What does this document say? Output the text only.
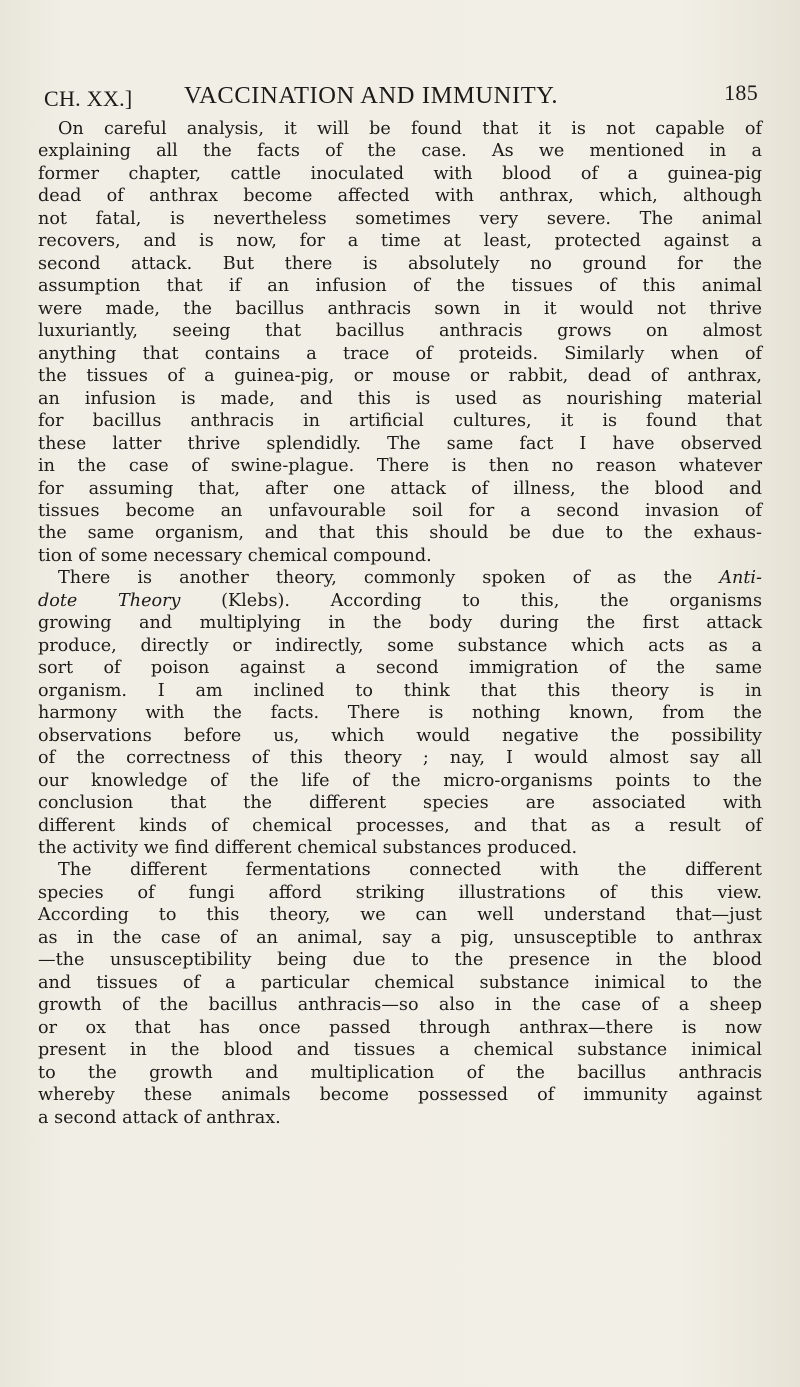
CH. XX.] VACCINATION AND IMMUNITY.	185
On careful analysis, it will be found that it is not capable of
explaining all the facts of the case. As we mentioned in a
former chapter, cattle inoculated with blood of a guinea-pig
dead of anthrax become affected with anthrax, which, although
not fatal, is nevertheless sometimes very severe. The animal
recovers, and is now, for a time at least, protected against a
second attack. But there is absolutely no ground for the
assumption that if an infusion of the tissues of this animal
were made, the bacillus anthracis sown in it would not thrive
luxuriantly, seeing that bacillus anthracis grows on almost
anything that contains a trace of proteids. Similarly when of
the tissues of a guinea-pig, or mouse or rabbit, dead of anthrax,
an infusion is made, and this is used as nourishing material
for bacillus anthracis in artificial cultures, it is found that
these latter thrive splendidly. The same fact I have observed
in the case of swine-plague. There is then no reason whatever
for assuming that, after one attack of illness, the blood and
tissues become an unfavourable soil for a second invasion of
the same organism, and that this should be due to the exhaus-
tion of some necessary chemical compound.
There is another theory, commonly spoken of as the Anti-
dote Theory (Klebs). According to this, the organisms
growing and multiplying in the body during the first attack
produce, directly or indirectly, some substance which acts as a
sort of poison against a second immigration of the same
organism. I am inclined to think that this theory is in
harmony with the facts. There is nothing known, from the
observations before us, which would negative the possibility
of the correctness of this theory ; nay, I would almost say all
our knowledge of the life of the micro-organisms points to the
conclusion that the different species are associated with
different kinds of chemical processes, and that as a result of
the activity we find different chemical substances produced.
The different fermentations connected with the different
species of fungi afford striking illustrations of this view.
According to this theory, we can well understand that—just
as in the case of an animal, say a pig, unsusceptible to anthrax
—the unsusceptibility being due to the presence in the blood
and tissues of a particular chemical substance inimical to the
growth of the bacillus anthracis—so also in the case of a sheep
or ox that has once passed through anthrax—there is now
present in the blood and tissues a chemical substance inimical
to the growth and multiplication of the bacillus anthracis
whereby these animals become possessed of immunity against
a second attack of anthrax.
